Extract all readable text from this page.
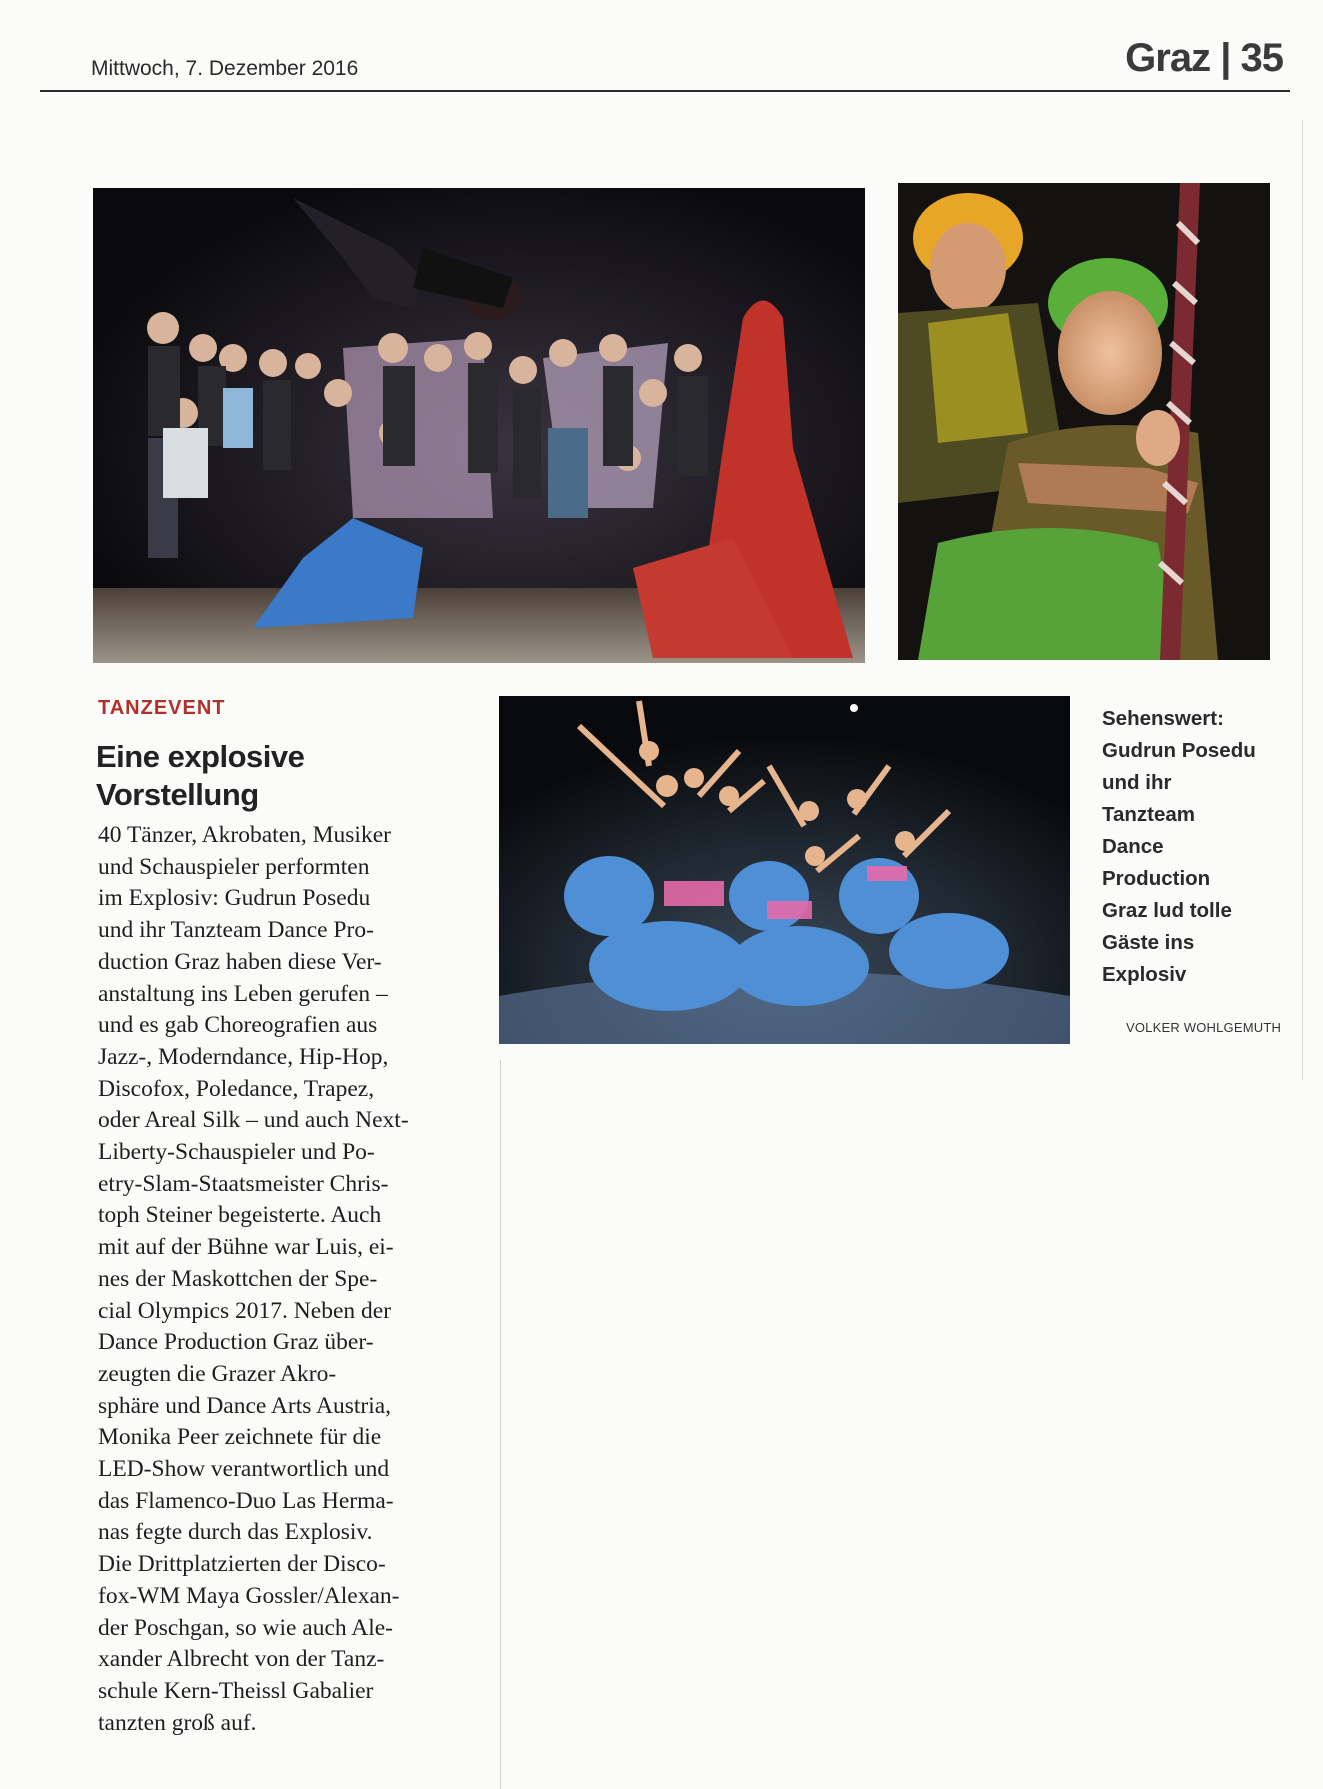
Mittwoch, 7. Dezember 2016	Graz | 35
TANZEVENT
Eine explosive
Vorstellung
40 Tänzer, Akrobaten, Musiker
und Schauspieler performten
im Explosiv: Gudrun Posedu
und ihr Tanzteam Dance Pro-
duction Graz haben diese Ver-
anstaltung ins Leben gerufen –
und es gab Choreografien aus
Jazz-, Moderndance, Hip-Hop,
Discofox, Poledance, Trapez,
oder Areal Silk – und auch Next-
Liberty-Schauspieler und Po-
etry-Slam-Staatsmeister Chris-
toph Steiner begeisterte. Auch
mit auf der Bühne war Luis, ei-
nes der Maskottchen der Spe-
cial Olympics 2017. Neben der
Dance Production Graz über-
zeugten die Grazer Akro-
sphäre und Dance Arts Austria,
Monika Peer zeichnete für die
LED-Show verantwortlich und
das Flamenco-Duo Las Herma-
nas fegte durch das Explosiv.
Die Drittplatzierten der Disco-
fox-WM Maya Gossler/Alexan-
der Poschgan, so wie auch Ale-
xander Albrecht von der Tanz-
schule Kern-Theissl Gabalier
tanzten groß auf.
Sehenswert:
Gudrun Posedu
und ihr
Tanzteam
Dance
Production
Graz lud tolle
Gäste ins
Explosiv
VOLKER WOHLGEMUTH
